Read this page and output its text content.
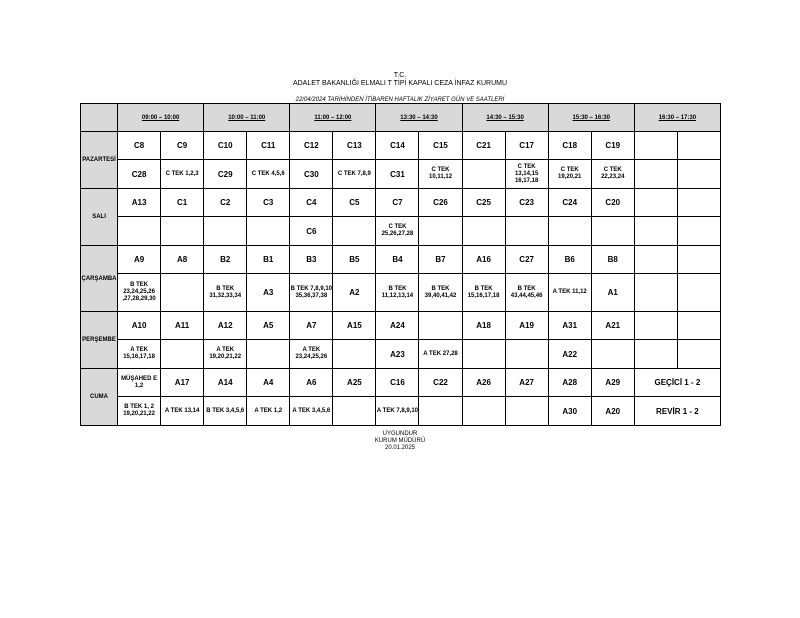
T.C.
ADALET BAKANLIĞI ELMALI T TİPİ KAPALI CEZA İNFAZ KURUMU
22/04/2024 TARİHİNDEN İTİBAREN HAFTALIK ZİYARET GÜN VE SAATLERİ
	09:00 – 10:00		10:00 – 11:00		11:00 – 12:00		13:30 – 14:30		14:30 – 15:30		15:30 – 16:30		16:30 – 17:30	
PAZARTESİ	C8	C9	C10	C11	C12	C13	C14	C15	C21	C17	C18	C19		
	C28	C TEK 1,2,3	C29	C TEK 4,5,6	C30	C TEK 7,8,9	C31	C TEK 10,11,12		C TEK 13,14,15 16,17,18	C TEK 19,20,21	C TEK 22,23,24		
SALI	A13	C1	C2	C3	C4	C5	C7	C26	C25	C23	C24	C20		
					C6		C TEK 25,26,27,28							
ÇARŞAMBA	A9	A8	B2	B1	B3	B5	B4	B7	A16	C27	B6	B8		
	B TEK 23,24,25,26 ,27,28,29,30		B TEK 31,32,33,34	A3	B TEK 7,8,9,10 35,36,37,38	A2	B TEK 11,12,13,14	B TEK 39,40,41,42	B TEK 15,16,17,18	B TEK 43,44,45,46	A TEK 11,12	A1		
PERŞEMBE	A10	A11	A12	A5	A7	A15	A24		A18	A19	A31	A21		
	A TEK 15,16,17,18		A TEK 19,20,21,22		A TEK 23,24,25,26		A23	A TEK 27,28			A22			
CUMA	MÜŞAHED E 1,2	A17	A14	A4	A6	A25	C16	C22	A26	A27	A28	A29	GEÇİCİ 1 - 2	
	B TEK 1, 2 19,20,21,22	A TEK 13,14	B TEK 3,4,5,6	A TEK 1,2	A TEK 3,4,5,6		A TEK 7,8,9,10				A30	A20	REVİR 1 - 2	
UYGUNDUR
KURUM MÜDÜRÜ
20.01.2025
